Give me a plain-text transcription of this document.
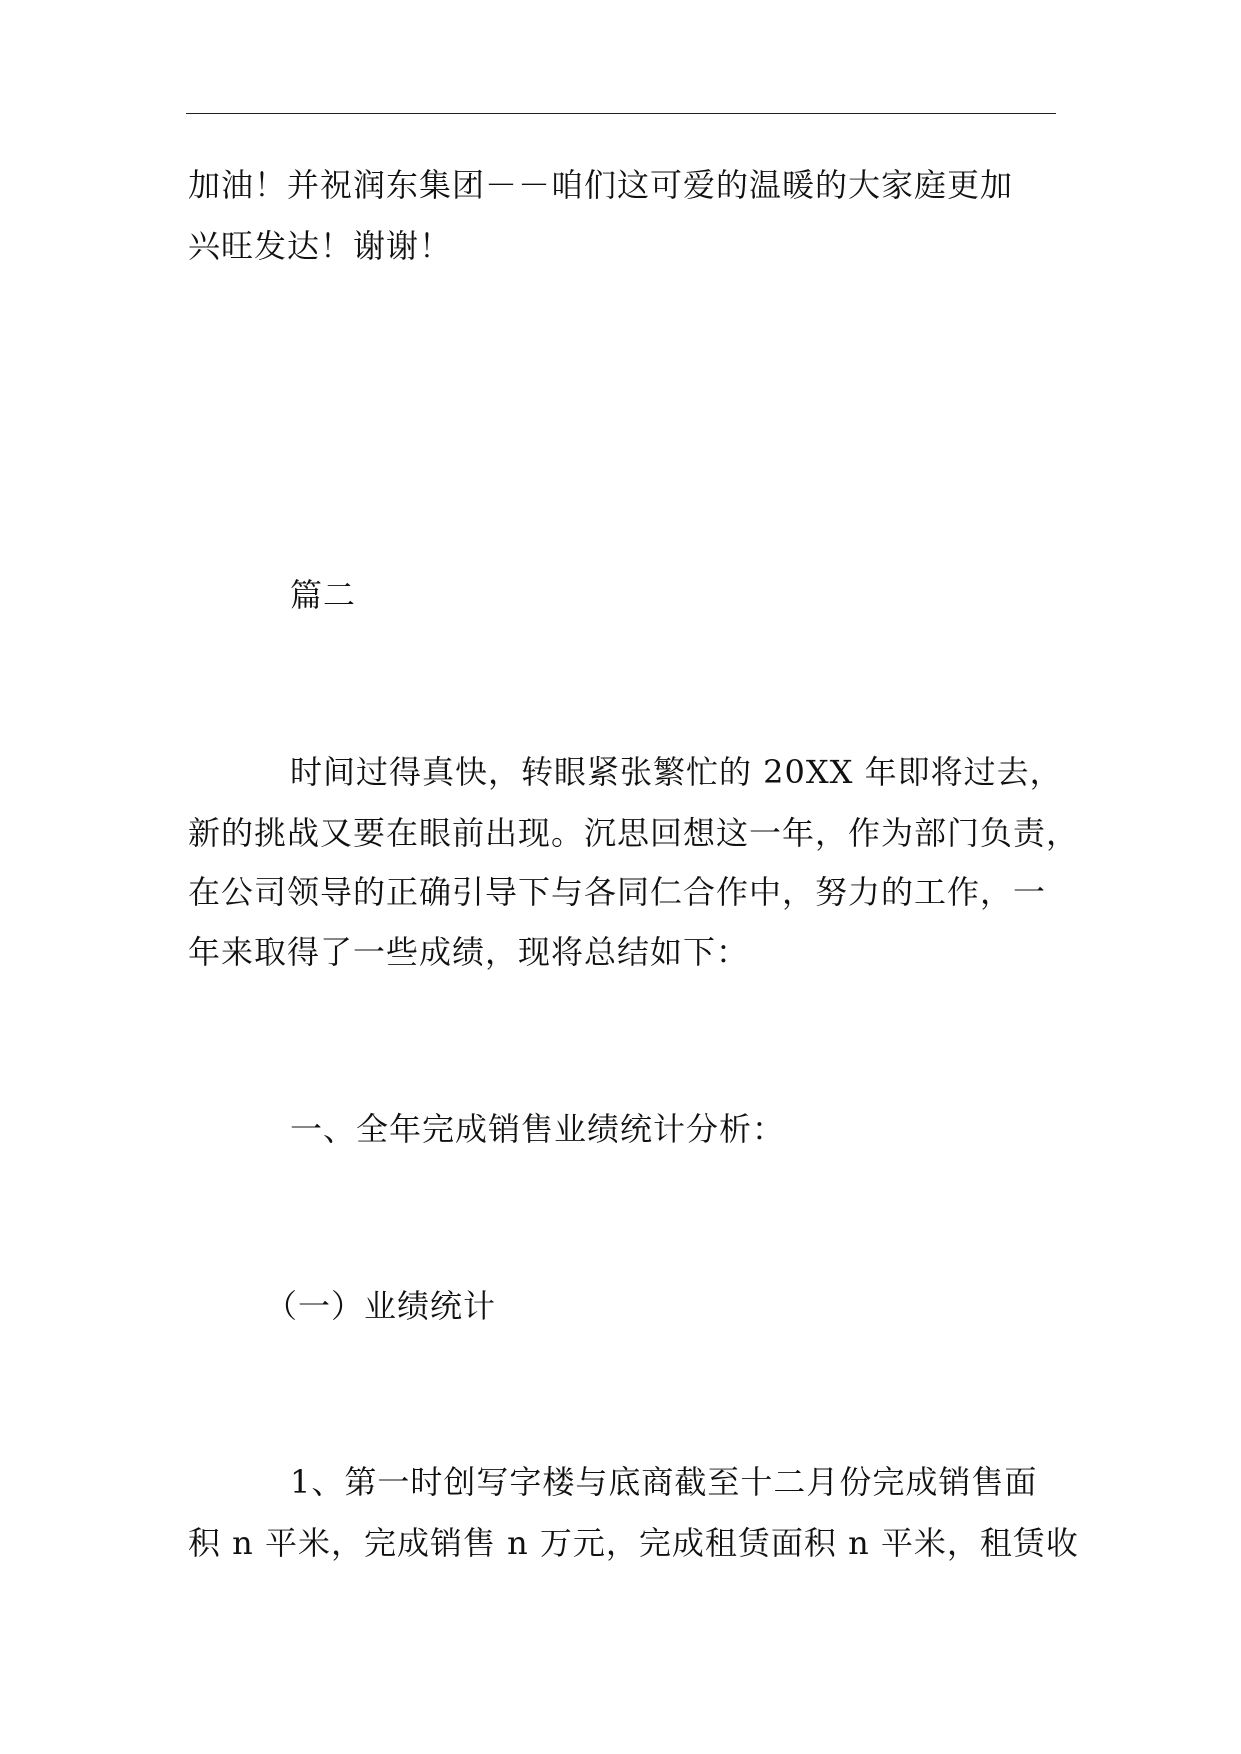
加油！并祝润东集团－－咱们这可爱的温暖的大家庭更加
兴旺发达！谢谢！
篇二
时间过得真快，转眼紧张繁忙的 20XX 年即将过去，
新的挑战又要在眼前出现。沉思回想这一年，作为部门负责，
在公司领导的正确引导下与各同仁合作中，努力的工作，一
年来取得了一些成绩，现将总结如下：
一、全年完成销售业绩统计分析：
（一）业绩统计
1、第一时创写字楼与底商截至十二月份完成销售面
积 n 平米，完成销售 n 万元，完成租赁面积 n 平米，租赁收
